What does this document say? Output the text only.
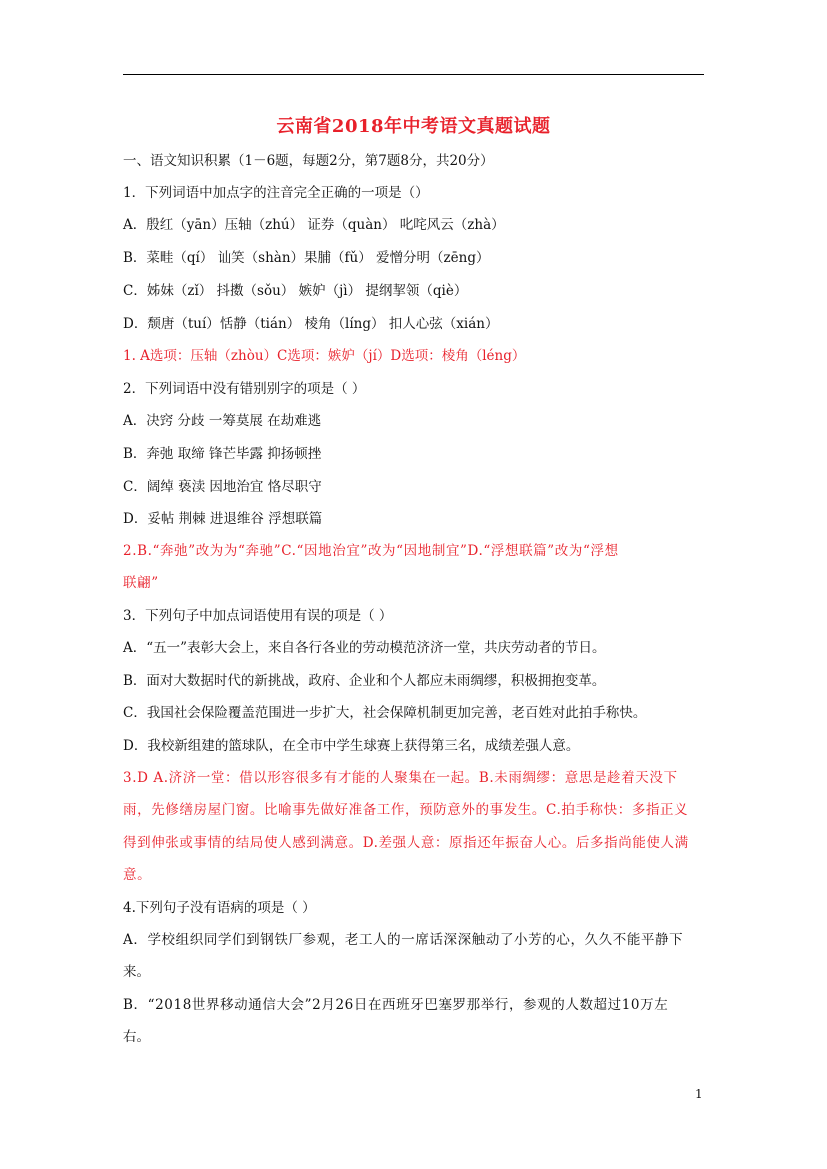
云南省2018年中考语文真题试题
一、语文知识积累（1－6题，每题2分，第7题8分，共20分）
1．下列词语中加点字的注音完全正确的一项是（）
A．殷红（yān）压轴（zhú） 证券（quàn） 叱咤风云（zhà）
B．菜畦（qí） 讪笑（shàn）果脯（fǔ） 爱憎分明（zēng）
C．姊妹（zǐ） 抖擞（sǒu） 嫉妒（jì） 提纲挈领（qiè）
D．颓唐（tuí）恬静（tián） 棱角（líng） 扣人心弦（xián）
1. A选项：压轴（zhòu）C选项：嫉妒（jí）D选项：棱角（léng）
2．下列词语中没有错别别字的项是（ ）
A．决窍 分歧 一筹莫展 在劫难逃
B．奔弛 取缔 锋芒毕露 抑扬顿挫
C．阔绰 亵渎 因地治宜 恪尽职守
D．妥帖 荆棘 进退维谷 浮想联篇
2.B.“奔弛”改为为“奔驰”C.“因地治宜”改为“因地制宜”D.“浮想联篇”改为“浮想
联翩”
3．下列句子中加点词语使用有误的项是（ ）
A．“五一”表彰大会上，来自各行各业的劳动模范济济一堂，共庆劳动者的节日。
B．面对大数据时代的新挑战，政府、企业和个人都应未雨绸缪，积极拥抱变革。
C．我国社会保险覆盖范围进一步扩大，社会保障机制更加完善，老百姓对此拍手称快。
D．我校新组建的篮球队，在全市中学生球赛上获得第三名，成绩差强人意。
3.D A.济济一堂：借以形容很多有才能的人聚集在一起。B.未雨绸缪：意思是趁着天没下
雨，先修缮房屋门窗。比喻事先做好准备工作，预防意外的事发生。C.拍手称快：多指正义
得到伸张或事情的结局使人感到满意。D.差强人意：原指还年振奋人心。后多指尚能使人满
意。
4.下列句子没有语病的项是（ ）
A．学校组织同学们到钢铁厂参观，老工人的一席话深深触动了小芳的心，久久不能平静下
来。
B．“2018世界移动通信大会”2月26日在西班牙巴塞罗那举行，参观的人数超过10万左
右。
1
